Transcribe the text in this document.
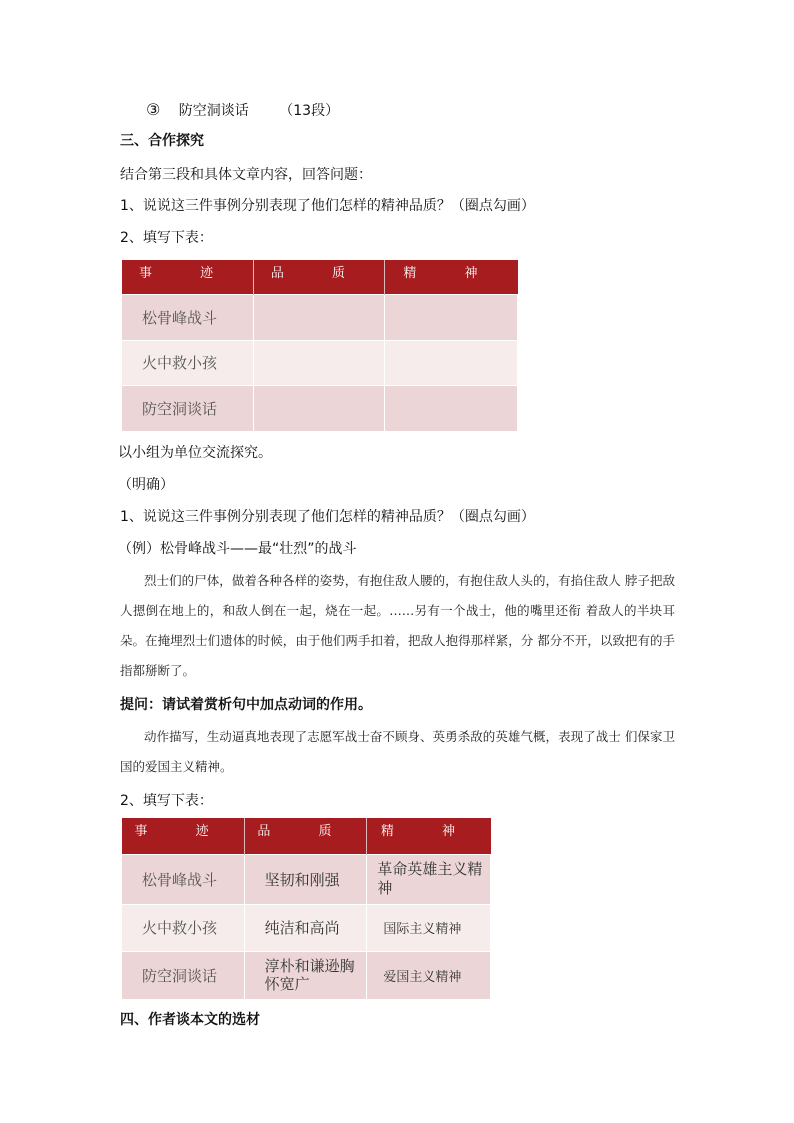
③ 防空洞谈话 （13段）
三、合作探究
结合第三段和具体文章内容，回答问题：
1、说说这三件事例分别表现了他们怎样的精神品质？（圈点勾画）
2、填写下表：
事 迹	品 质	精 神
松骨峰战斗		
火中救小孩		
防空洞谈话		
以小组为单位交流探究。
（明确）
1、说说这三件事例分别表现了他们怎样的精神品质？（圈点勾画）
（例）松骨峰战斗——最“壮烈”的战斗
烈士们的尸体，做着各种各样的姿势，有抱住敌人腰的，有抱住敌人头的，有掐住敌人 脖子把敌人摁倒在地上的，和敌人倒在一起，烧在一起。……另有一个战士，他的嘴里还衔 着敌人的半块耳朵。在掩埋烈士们遗体的时候，由于他们两手扣着，把敌人抱得那样紧，分 都分不开，以致把有的手指都掰断了。
提问：请试着赏析句中加点动词的作用。
动作描写，生动逼真地表现了志愿军战士奋不顾身、英勇杀敌的英雄气概，表现了战士 们保家卫国的爱国主义精神。
2、填写下表：
事 迹	品 质	精 神
松骨峰战斗	坚韧和刚强	革命英雄主义精神
火中救小孩	纯洁和高尚	国际主义精神
防空洞谈话	淳朴和谦逊胸怀宽广	爱国主义精神
四、作者谈本文的选材
